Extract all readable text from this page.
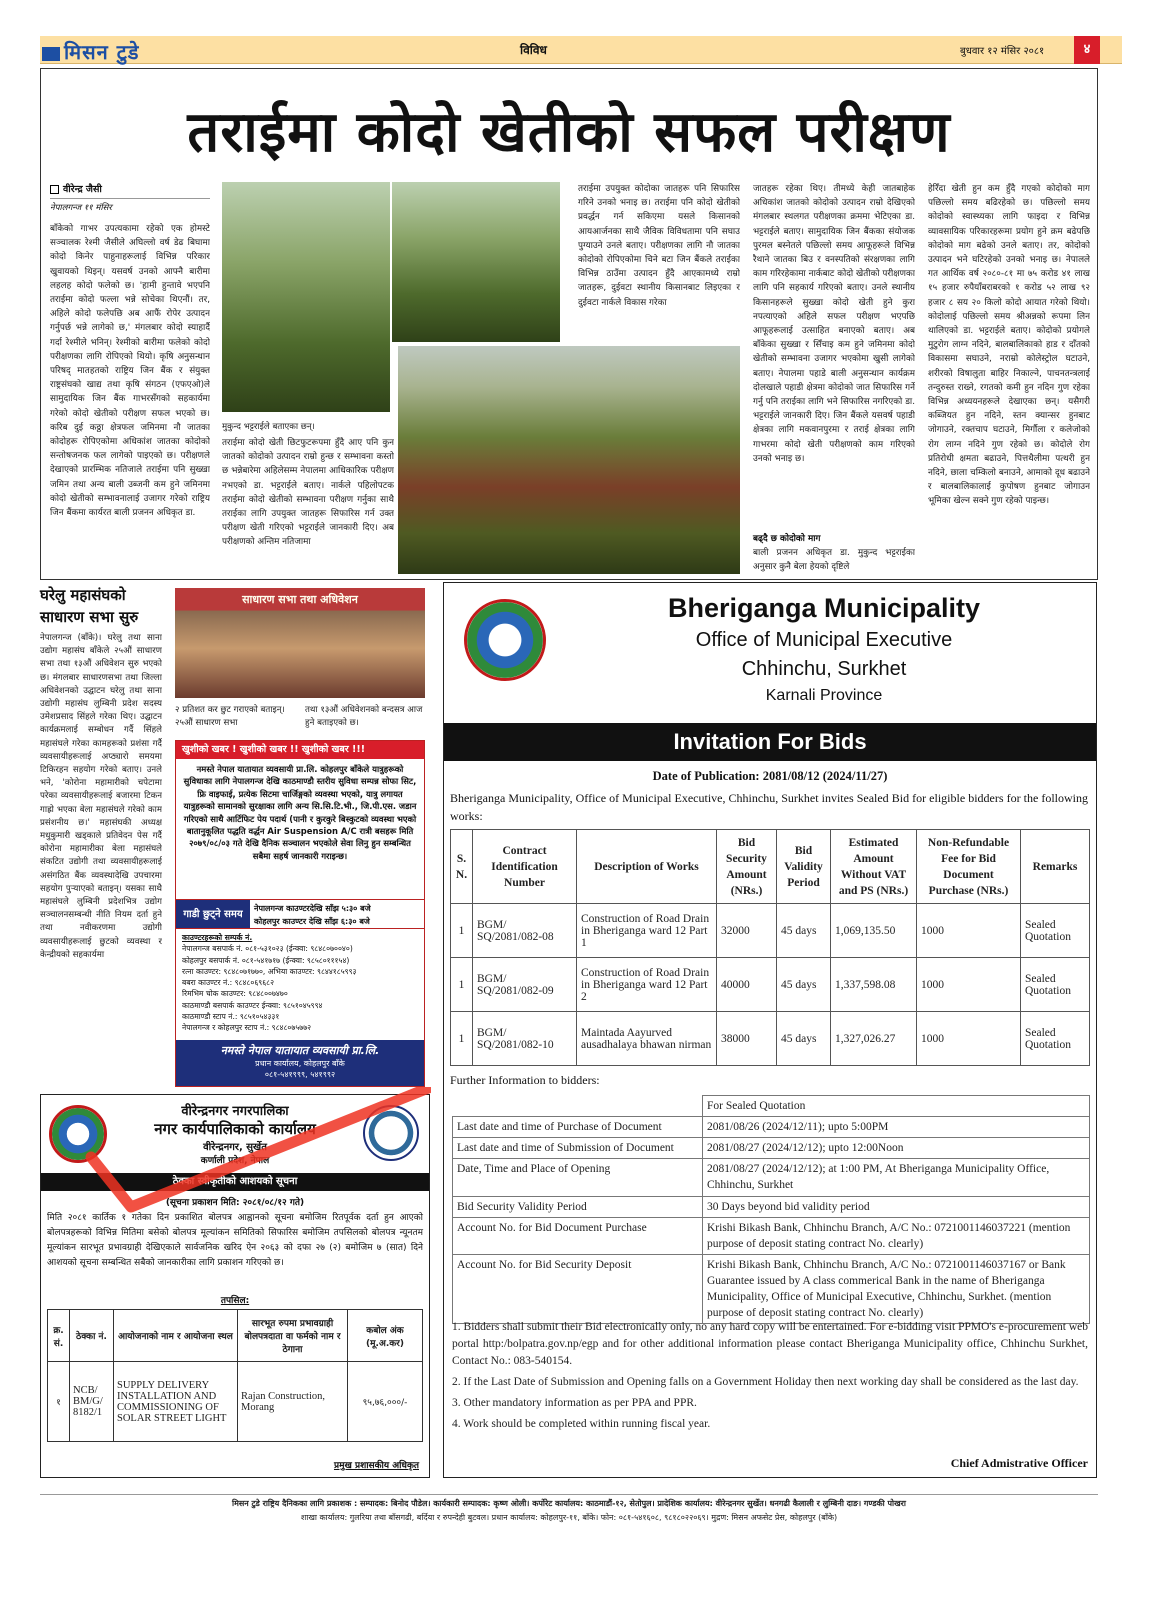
मिसन टुडे	विविध	बुधवार १२ मंसिर २०८१	४
तराईमा कोदो खेतीको सफल परीक्षण
वीरेन्द्र जैसी
नेपालगन्ज ११ मंसिर
बाँकेको गाभर उपत्यकामा रहेको एक होमस्टे सञ्चालक रेश्मी जैसीले अघिल्लो वर्ष डेढ बिघामा कोदो किनेर पाहुनाहरूलाई विभिन्न परिकार खुवायको थिइन्। यसवर्ष उनको आफ्नै बारीमा लहलह कोदो फलेको छ। 'हामी हुन्तावे भएपनि तराईमा कोदो फल्ला भन्ने सोचेका थिएनौं। तर, अहिले कोदो फलेपछि अब आफैं रोपेर उत्पादन गर्नुपर्छ भन्ने लागेको छ,' मंगलबार कोदो स्याहार्दै गर्दा रेश्मीले भनिन्। रेश्मीको बारीमा फलेको कोदो परीक्षणका लागि रोपिएको थियो। कृषि अनुसन्धान परिषद् मातहतको राष्ट्रिय जिन बैंक र संयुक्त राष्ट्रसंघको खाद्य तथा कृषि संगठन (एफएओ)ले सामुदायिक जिन बैंक गाभरसँगको सहकार्यमा गरेको कोदो खेतीको परीक्षण सफल भएको छ। करिब दुई कठ्ठा क्षेत्रफल जमिनमा नौ जातका कोदोहरू रोपिएकोमा अधिकांश जातका कोदोको सन्तोषजनक फल लागेको पाइएको छ। परीक्षणले देखाएको प्रारम्भिक नतिजाले तराईमा पनि सुख्खा जमिन तथा अन्य बाली उब्जनी कम हुने जमिनमा कोदो खेतीको सम्भावनालाई उजागर गरेको राष्ट्रिय जिन बैंकमा कार्यरत बाली प्रजनन अधिकृत डा.
मुकुन्द भट्टराईले बताएका छन्।
तराईमा कोदो खेती छिटफुटरूपमा हुँदै आए पनि कुन जातको कोदोको उत्पादन राम्रो हुन्छ र सम्भावना कस्तो छ भन्नेबारेमा अहिलेसम्म नेपालमा आधिकारिक परीक्षण नभएको डा. भट्टराईले बताए। नार्कले पहिलोपटक तराईमा कोदो खेतीको सम्भावना परीक्षण गर्नुका साथै तराईका लागि उपयुक्त जातहरू सिफारिस गर्न उक्त परीक्षण खेती गरिएको भट्टराईले जानकारी दिए। अब परीक्षणको अन्तिम नतिजामा
तराईमा उपयुक्त कोदोका जातहरू पनि सिफारिस गरिने उनको भनाइ छ। तराईमा पनि कोदो खेतीको प्रवर्द्धन गर्न सकिएमा यसले किसानको आयआर्जनका साथै जैविक विविधतामा पनि सघाउ पुग्याउने उनले बताए। परीक्षणका लागि नौ जातका कोदोको रोपिएकोमा चिने बटा जिन बैंकले तराईका विभिन्न ठाउँमा उत्पादन हुँदै आएकामध्ये राम्रो जातहरू, दुईवटा स्थानीय किसानबाट लिइएका र दुईवटा नार्कले विकास गरेका
जातहरू रहेका थिए। तीमध्ये केही जातबाहेक अधिकांश जातको कोदोको उत्पादन राम्रो देखिएको मंगलबार स्थलगत परीक्षणका क्रममा भेटिएका डा. भट्टराईले बताए। सामुदायिक जिन बैंकका संयोजक पुरमल बस्नेतले पछिल्लो समय आफूहरूले विभिन्न रैथाने जातका बिउ र वनस्पतिको संरक्षणका लागि काम गरिरहेकामा नार्कबाट कोदो खेतीको परीक्षणका लागि पनि सहकार्य गरिएको बताए। उनले स्थानीय किसानहरूले सुख्खा कोदो खेती हुने कुरा नपत्याएको अहिले सफल परीक्षण भएपछि आफूहरूलाई उत्साहित बनाएको बताए। अब बाँकेका सुख्खा र सिँचाइ कम हुने जमिनमा कोदो खेतीको सम्भावना उजागर भएकोमा खुसी लागेको बताए। नेपालमा पहाडे बाली अनुसन्धान कार्यक्रम दोलखाले पहाडी क्षेत्रमा कोदोको जात सिफारिस गर्ने गर्नु पनि तराईका लागि भने सिफारिस नगरिएको डा. भट्टराईले जानकारी दिए। जिन बैंकले यसवर्ष पहाडी क्षेत्रका लागि मकवानपुरमा र तराई क्षेत्रका लागि गाभरमा कोदो खेती परीक्षणको काम गरिएको उनको भनाइ छ।
बढ्दै छ कोदोको माग
बाली प्रजनन अधिकृत डा. मुकुन्द भट्टराईका अनुसार कुनै बेला हेयको दृष्टिले
हेरिँदा खेती हुन कम हुँदै गएको कोदोको माग पछिल्लो समय बढिरहेको छ। पछिल्लो समय कोदोको स्वास्थ्यका लागि फाइदा र विभिन्न व्यावसायिक परिकारहरूमा प्रयोग हुने क्रम बढेपछि कोदोको माग बढेको उनले बताए। तर, कोदोको उत्पादन भने घटिरहेको उनको भनाइ छ। नेपालले गत आर्थिक वर्ष २०८०-८१ मा ७५ करोड ४१ लाख १५ हजार रुपैयाँबराबरको १ करोड ५२ लाख ९२ हजार ८ सय २० किलो कोदो आयात गरेको थियो। कोदोलाई पछिल्लो समय श्रीअन्नको रूपमा लिन थालिएको डा. भट्टराईले बताए। कोदोको प्रयोगले मुटुरोग लाग्न नदिने, बालबालिकाको हाड र दाँतको विकासमा सघाउने, नराम्रो कोलेस्ट्रोल घटाउने, शरीरको विषालुता बाहिर निकाल्ने, पाचनतन्त्रलाई तन्दुरुस्त राख्ने, रगतको कमी हुन नदिन गुण रहेका विभिन्न अध्ययनहरूले देखाएका छन्। यसैगरी कब्जियत हुन नदिने, स्तन क्यान्सर हुनबाट जोगाउने, रक्तचाप घटाउने, मिर्गौला र कलेजोको रोग लाग्न नदिने गुण रहेको छ। कोदोले रोग प्रतिरोधी क्षमता बढाउने, पित्तथैलीमा पत्थरी हुन नदिने, छाला चम्किलो बनाउने, आमाको दूध बढाउने र बालबालिकालाई कुपोषण हुनबाट जोगाउन भूमिका खेल्न सक्ने गुण रहेको पाइन्छ।
घरेलु महासंघको
साधारण सभा सुरु
नेपालगन्ज (बाँके)। घरेलु तथा साना उद्योग महासंघ बाँकेले २५औं साधारण सभा तथा १३औं अधिवेशन सुरु भएको छ। मंगलबार साधारणसभा तथा जिल्ला अधिवेशनको उद्घाटन घरेलु तथा साना उद्योगी महासंघ लुम्बिनी प्रदेश सदस्य उमेशप्रसाद सिंहले गरेका थिए। उद्घाटन कार्यक्रमलाई सम्बोधन गर्दै सिंहले महासंघले गरेका कामहरूको प्रशंसा गर्दै व्यवसायीहरूलाई अप्ठ्यारो समयमा टिकिरहन सहयोग गरेको बताए। उनले भने, 'कोरोना महामारीको चपेटामा परेका व्यवसायीहरूलाई बजारमा टिकन गाह्रो भएका बेला महासंघले गरेको काम प्रसंशनीय छ।' महासंघकी अध्यक्ष मधुकुमारी खड्काले प्रतिवेदन पेस गर्दै कोरोना महामारीका बेला महासंघले संकटित उद्योगी तथा व्यवसायीहरूलाई असंगठित बैंक व्यवस्थादेखि उपचारमा सहयोग पुऱ्याएको बताइन्। यसका साथै महासंघले लुम्बिनी प्रदेशभित्र उद्योग सञ्चालनसम्बन्धी नीति नियम दर्ता हुने तथा नवीकरणमा उद्योगी व्यवसायीहरूलाई छुटको व्यवस्था र केन्द्रीयको सहकार्यमा
साधारण सभा तथा अधिवेशन
२ प्रतिशत कर छुट गराएको बताइन्। २५औं साधारण सभा
तथा १३औं अधिवेशनको बन्दसत्र आज हुने बताइएको छ।
खुशीको खबर ! खुशीको खबर !! खुशीको खबर !!!
नमस्ते नेपाल यातायात व्यवसायी प्रा.लि. कोहलपुर बाँकेले यात्रुहरूको सुविधाका लागि नेपालगन्ज देखि काठमाण्डौ स्तरीय सुविधा सम्पन्न सोफा सिट, फ्रि वाइफाई, प्रत्येक सिटमा चार्जिङ्गको व्यवस्था भएको, यात्रु लगायत यात्रुहरूको सामानको सुरक्षाका लागि अन्य सि.सि.टि.भी., जि.पी.एस. जडान गरिएको साथै आर्टिफिट पेय पदार्थ (पानी र कुरकुरे बिस्कुटको व्यवस्था भएको बातानुकूलित पद्धति वर्द्धन Air Suspension A/C रात्री बसहरू मिति २०७९/०८/०३ गते देखि दैनिक सञ्चालन भएकोले सेवा लिनु हुन सम्बन्धित सबैमा सहर्ष जानकारी गराइन्छ।
गाडी छुट्ने समय
नेपालगन्ज काउण्टरदेखि साँझ ५:३० बजे
कोहलपुर काउण्टर देखि साँझ ६:३० बजे
काउण्टरहरूको सम्पर्क नं.
नेपालगन्ज बसपार्क नं. ०८१-५३१०२३ (ईन्क्वा: ९८४८०७००४०)
कोहलपुर बसपार्क नं. ०८१-५४१७१७ (ईन्क्वा: ९८५८०१११५४)
रत्ना काउण्टर: ९८४८०७१७७०, अभिया काउण्टर: ९८४४१८५९९३
बबरा काउण्टर नं.: ९८४८०६९६८२
रिमभिम चोक काउण्टर: ९८४८००७४७०
काठमाण्डौ बसपार्क काउण्टर ईन्क्वा: ९८५१०४५९९४
काठमाण्डौ स्टाप नं.: ९८५१०५४३३१
नेपालगन्ज र कोहलपुर स्टाप नं.: ९८४८०७५७७२
नमस्ते नेपाल यातायात व्यवसायी प्रा.लि.
प्रधान कार्यालय, कोहलपुर बाँके
०८१-५४१९९९, ५४१९९२
वीरेन्द्रनगर नगरपालिका
नगर कार्यपालिकाको कार्यालय
वीरेन्द्रनगर, सुर्खेत
कर्णाली प्रदेश, नेपाल
ठेक्का स्वीकृतीको आशयको सूचना
(सूचना प्रकाशन मिति: २०८१/०८/१२ गते)
मिति २०८१ कार्तिक १ गतेका दिन प्रकाशित बोलपत्र आह्वानको सूचना बमोजिम रितपूर्वक दर्ता हुन आएको बोलपत्रहरूको विभिन्न मितिमा बसेको बोलपत्र मूल्यांकन समितिको सिफारिस बमोजिम तपसिलको बोलपत्र न्यूनतम मूल्यांकन सारभूत प्रभावग्राही देखिएकाले सार्वजनिक खरिद ऐन २०६३ को दफा २७ (२) बमोजिम ७ (सात) दिने आशयको सूचना सम्बन्धित सबैको जानकारीका लागि प्रकाशन गरिएको छ।
तपसिल:
क्र. सं.	ठेक्का नं.	आयोजनाको नाम र आयोजना स्थल	सारभूत रुपमा प्रभावग्राही बोलपत्रदाता वा फर्मको नाम र ठेगाना	कबोल अंक (मू.अ.कर)
१	NCB/ BM/G/ 8182/1	SUPPLY DELIVERY INSTALLATION AND COMMISSIONING OF SOLAR STREET LIGHT	Rajan Construction, Morang	९५,७६,०००/-
प्रमुख प्रशासकीय अधिकृत
Bheriganga Municipality
Office of Municipal Executive
Chhinchu, Surkhet
Karnali Province
Invitation For Bids
Date of Publication: 2081/08/12 (2024/11/27)
Bheriganga Municipality, Office of Municipal Executive, Chhinchu, Surkhet invites Sealed Bid for eligible bidders for the following works:
S. N.	Contract Identification Number	Description of Works	Bid Security Amount (NRs.)	Bid Validity Period	Estimated Amount Without VAT and PS (NRs.)	Non-Refundable Fee for Bid Document Purchase (NRs.)	Remarks
1	BGM/ SQ/2081/082-08	Construction of Road Drain in Bheriganga ward 12 Part 1	32000	45 days	1,069,135.50	1000	Sealed Quotation
1	BGM/ SQ/2081/082-09	Construction of Road Drain in Bheriganga ward 12 Part 2	40000	45 days	1,337,598.08	1000	Sealed Quotation
1	BGM/ SQ/2081/082-10	Maintada Aayurved ausadhalaya bhawan nirman	38000	45 days	1,327,026.27	1000	Sealed Quotation
Further Information to bidders:
	For Sealed Quotation
Last date and time of Purchase of Document	2081/08/26 (2024/12/11); upto 5:00PM
Last date and time of Submission of Document	2081/08/27 (2024/12/12); upto 12:00Noon
Date, Time and Place of Opening	2081/08/27 (2024/12/12); at 1:00 PM, At Bheriganga Municipality Office, Chhinchu, Surkhet
Bid Security Validity Period	30 Days beyond bid validity period
Account No. for Bid Document Purchase	Krishi Bikash Bank, Chhinchu Branch, A/C No.: 0721001146037221 (mention purpose of deposit stating contract No. clearly)
Account No. for Bid Security Deposit	Krishi Bikash Bank, Chhinchu Branch, A/C No.: 0721001146037167 or Bank Guarantee issued by A class commerical Bank in the name of Bheriganga Municipality, Office of Municipal Executive, Chhinchu, Surkhet. (mention purpose of deposit stating contract No. clearly)
1. Bidders shall submit their Bid electronically only, no any hard copy will be entertained. For e-bidding visit PPMO's e-procurement web portal http:/bolpatra.gov.np/egp and for other additional information please contact Bheriganga Municipality office, Chhinchu Surkhet, Contact No.: 083-540154.
2. If the Last Date of Submission and Opening falls on a Government Holiday then next working day shall be considered as the last day.
3. Other mandatory information as per PPA and PPR.
4. Work should be completed within running fiscal year.
Chief Admistrative Officer
मिसन टुडे राष्ट्रिय दैनिकका लागि प्रकाशक : सम्पादक: बिनोद पौडेल। कार्यकारी सम्पादक: कृष्ण ओली। कर्पोरेट कार्यालय: काठमाडौं-१२, सेतोपुल। प्रादेशिक कार्यालय: वीरेन्द्रनगर सुर्खेत। धनगढी कैलाली र लुम्बिनी दाङ। गण्डकी पोखरा
शाखा कार्यालय: गुलरिया तथा बाँसगढी, बर्दिया र रुपन्देही बुटवल। प्रधान कार्यालय: कोहलपुर-११, बाँके। फोन: ०८१-५४१६०८, ९८१८०२२०६९। मुद्रण: मिसन अफसेट प्रेस, कोहलपुर (बाँके)
